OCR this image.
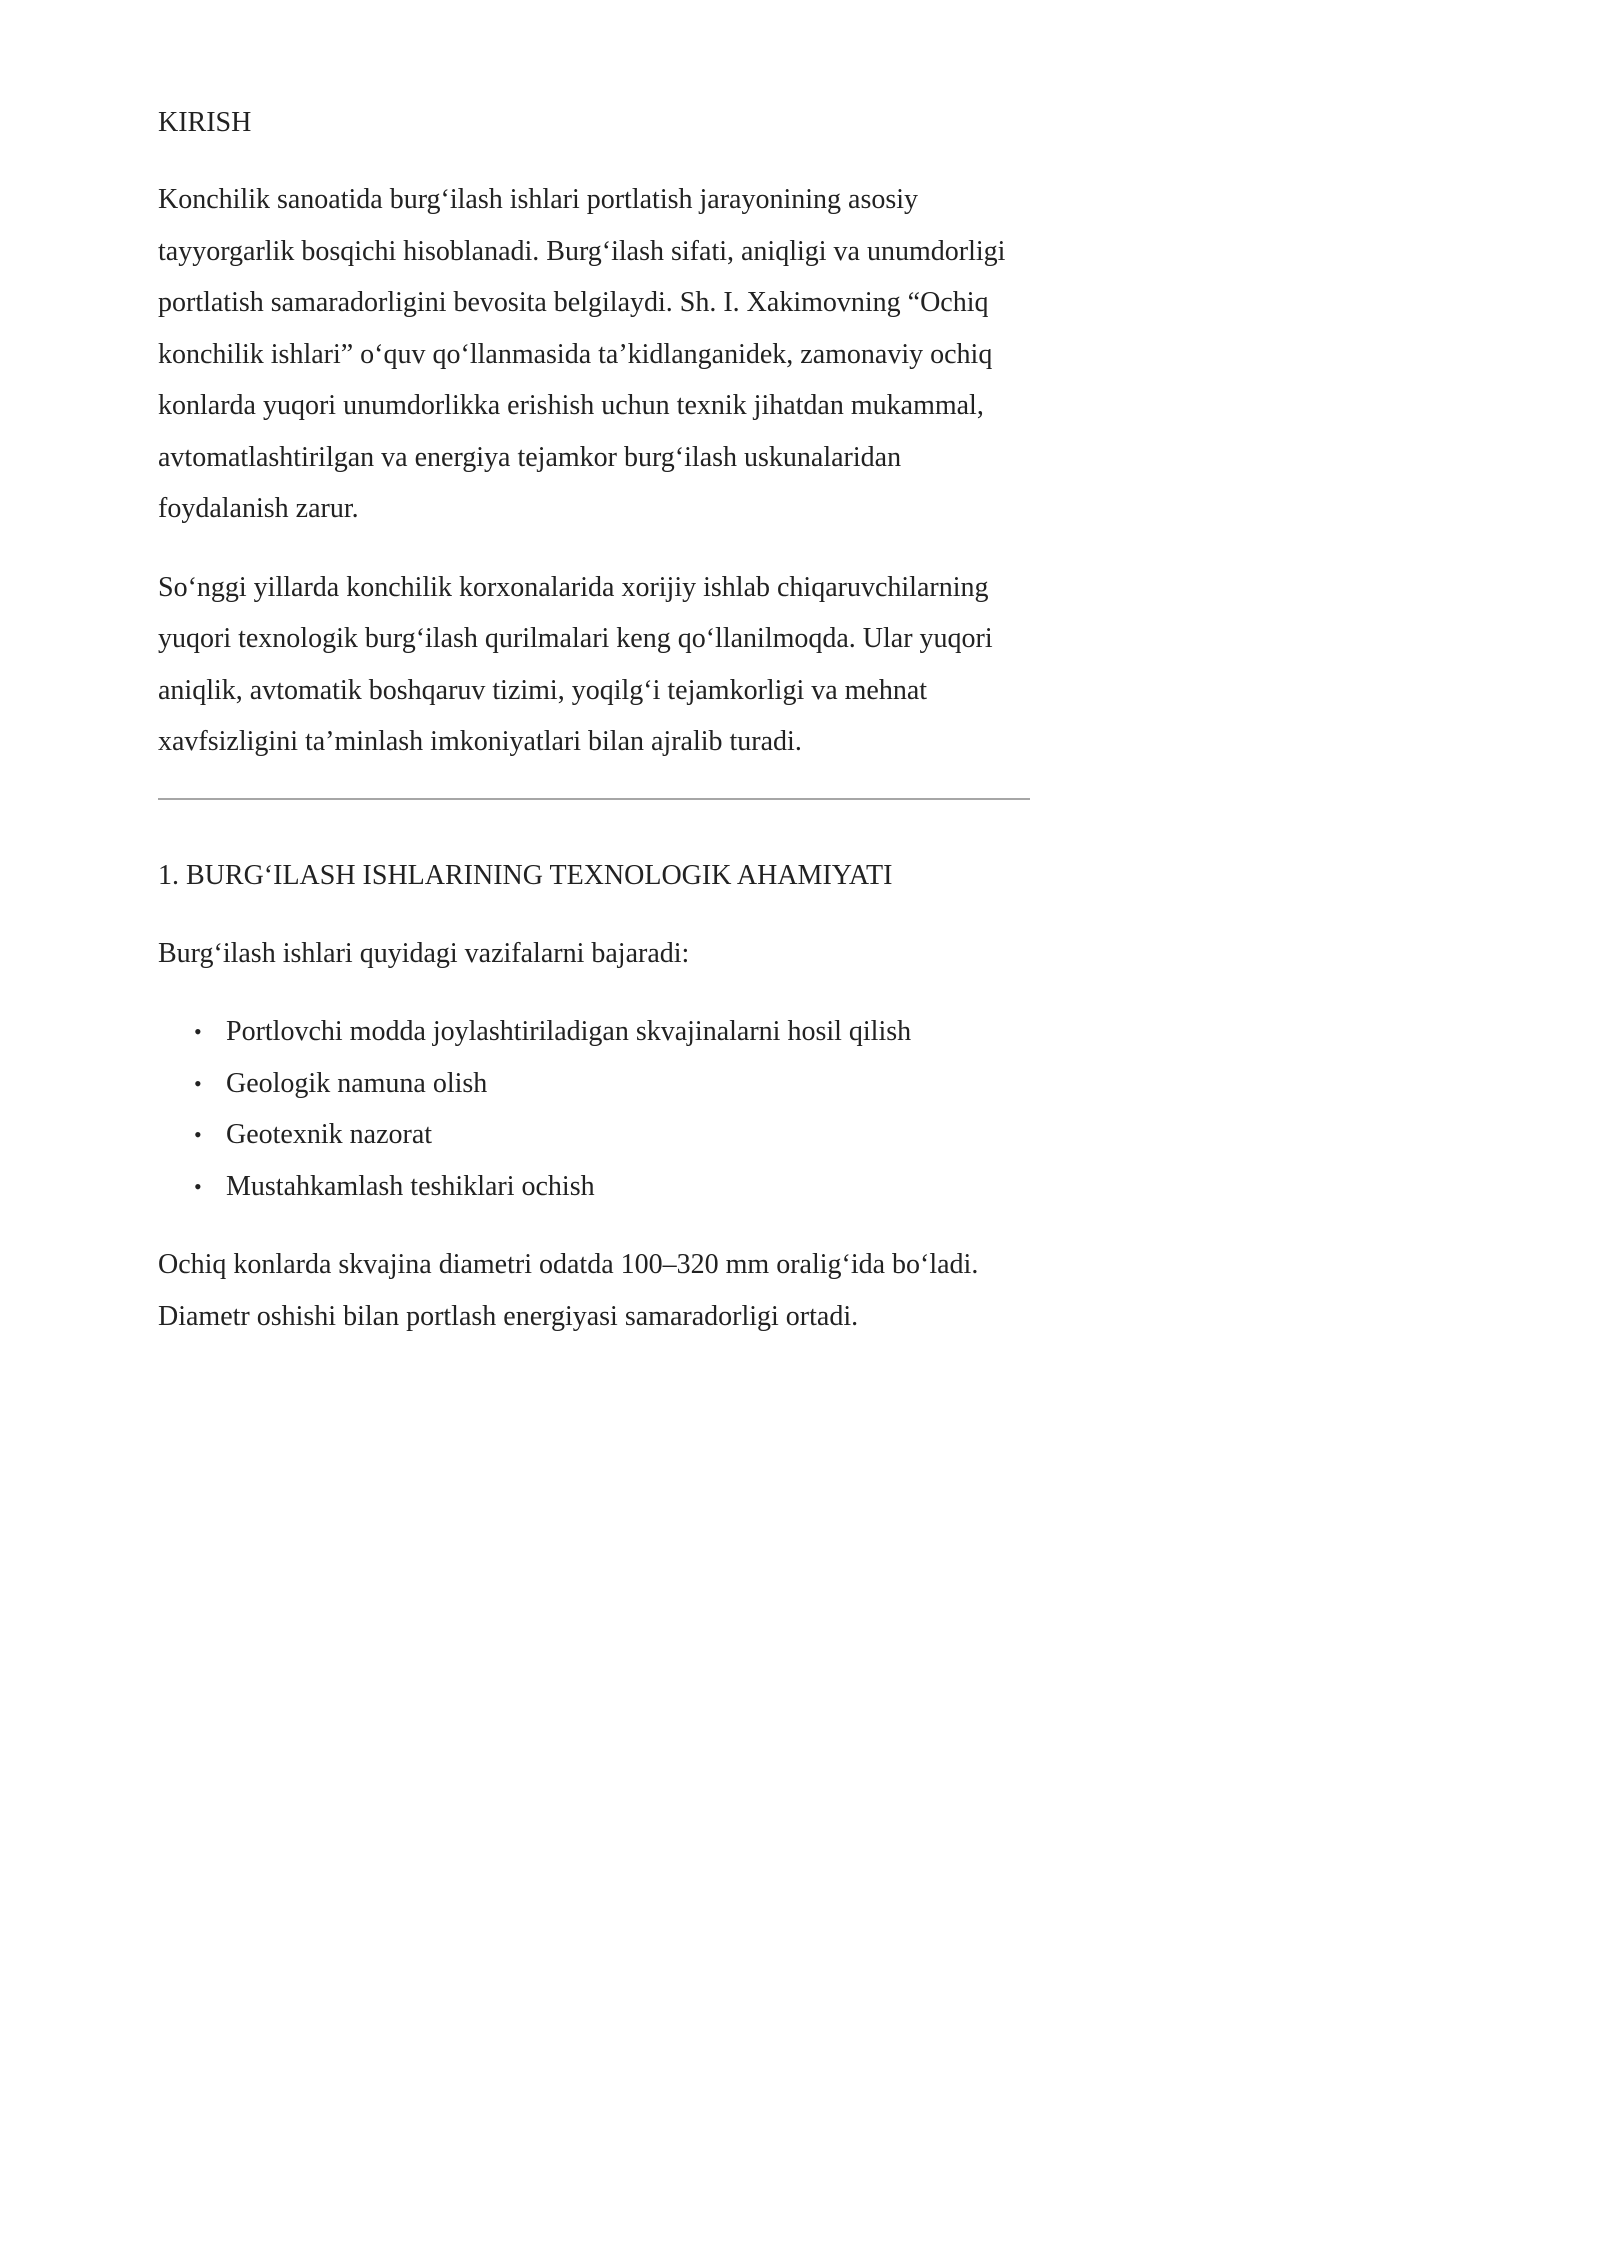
KIRISH

Konchilik sanoatida burg‘ilash ishlari portlatish jarayonining asosiy tayyorgarlik bosqichi hisoblanadi. Burg‘ilash sifati, aniqligi va unumdorligi portlatish samaradorligini bevosita belgilaydi. Sh. I. Xakimovning “Ochiq konchilik ishlari” o‘quv qo‘llanmasida ta’kidlanganidek, zamonaviy ochiq konlarda yuqori unumdorlikka erishish uchun texnik jihatdan mukammal, avtomatlashtirilgan va energiya tejamkor burg‘ilash uskunalaridan foydalanish zarur.

So‘nggi yillarda konchilik korxonalarida xorijiy ishlab chiqaruvchilarning yuqori texnologik burg‘ilash qurilmalari keng qo‘llanilmoqda. Ular yuqori aniqlik, avtomatik boshqaruv tizimi, yoqilg‘i tejamkorligi va mehnat xavfsizligini ta’minlash imkoniyatlari bilan ajralib turadi.

1. BURG‘ILASH ISHLARINING TEXNOLOGIK AHAMIYATI

Burg‘ilash ishlari quyidagi vazifalarni bajaradi:

• Portlovchi modda joylashtiriladigan skvajinalarni hosil qilish
• Geologik namuna olish
• Geotexnik nazorat
• Mustahkamlash teshiklari ochish

Ochiq konlarda skvajina diametri odatda 100–320 mm oralig‘ida bo‘ladi. Diametr oshishi bilan portlash energiyasi samaradorligi ortadi.
